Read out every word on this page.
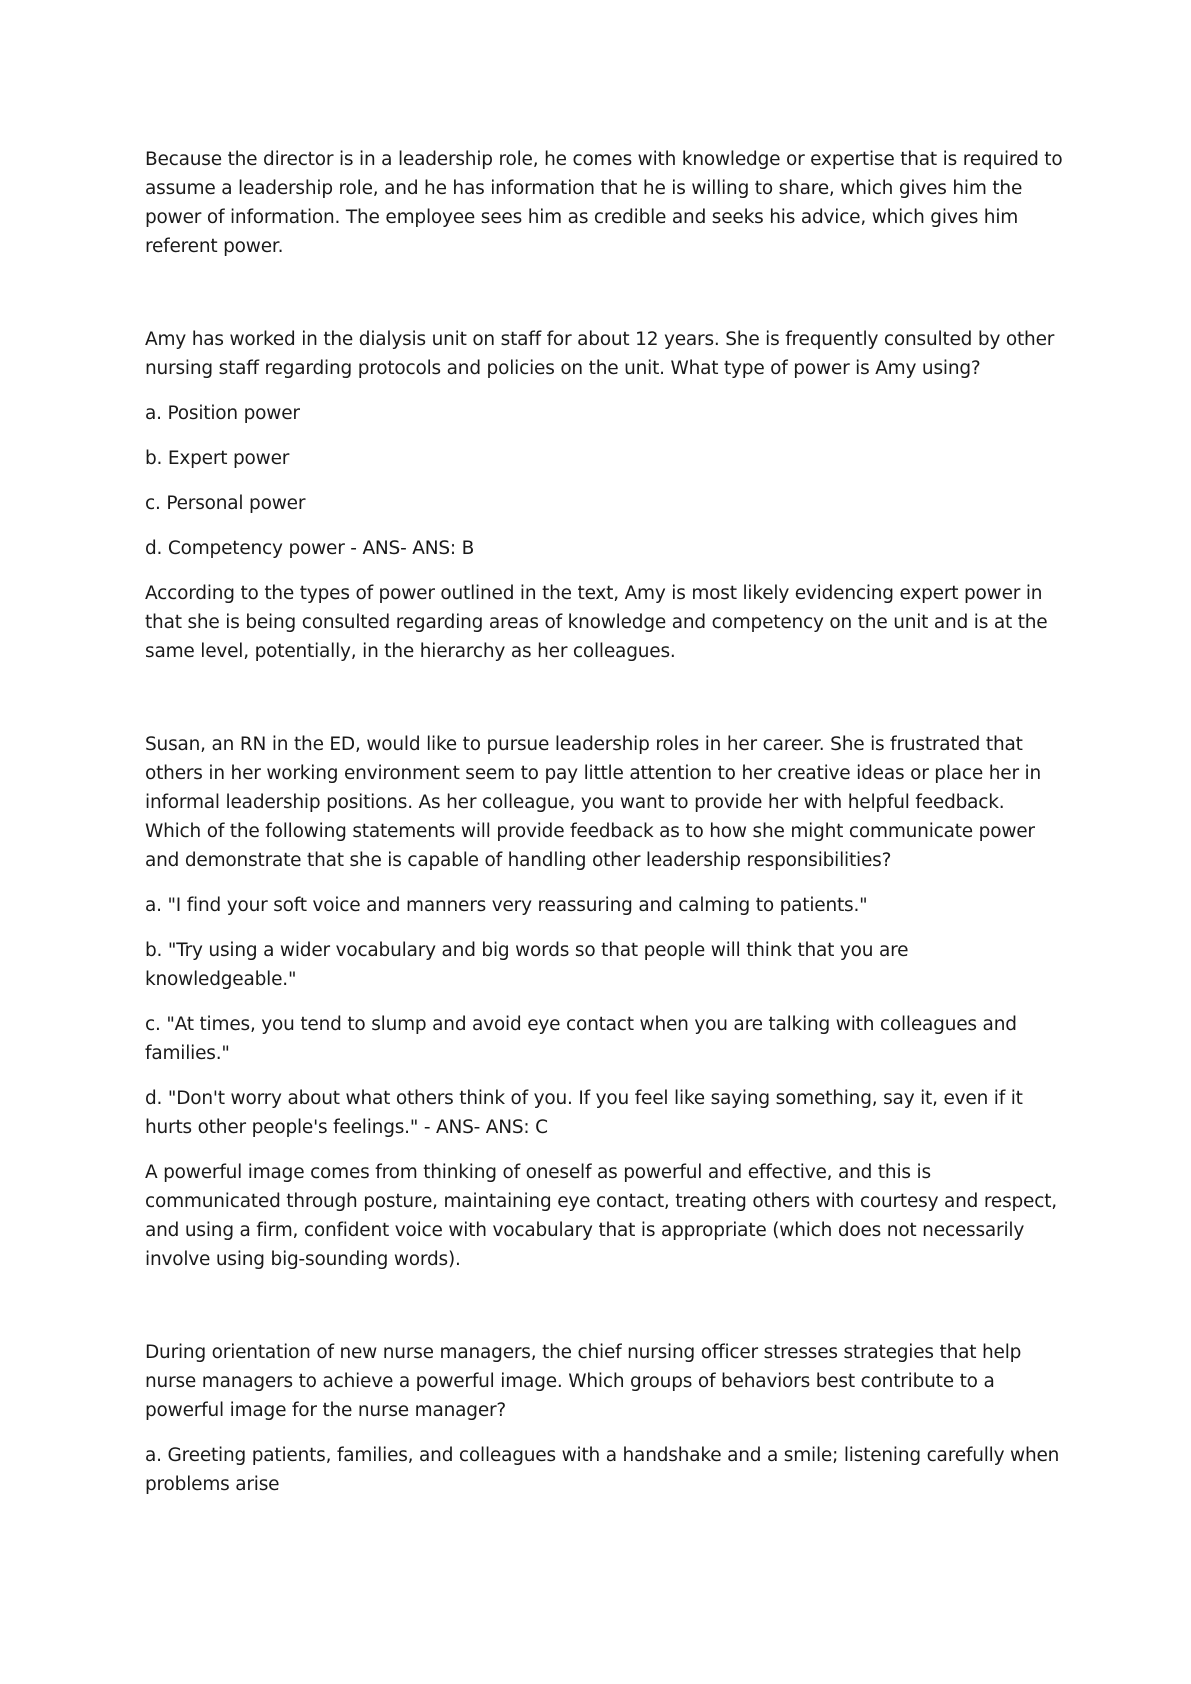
Because the director is in a leadership role, he comes with knowledge or expertise that is required to assume a leadership role, and he has information that he is willing to share, which gives him the power of information. The employee sees him as credible and seeks his advice, which gives him referent power.

Amy has worked in the dialysis unit on staff for about 12 years. She is frequently consulted by other nursing staff regarding protocols and policies on the unit. What type of power is Amy using?

a. Position power

b. Expert power

c. Personal power

d. Competency power - ANS- ANS: B

According to the types of power outlined in the text, Amy is most likely evidencing expert power in that she is being consulted regarding areas of knowledge and competency on the unit and is at the same level, potentially, in the hierarchy as her colleagues.

Susan, an RN in the ED, would like to pursue leadership roles in her career. She is frustrated that others in her working environment seem to pay little attention to her creative ideas or place her in informal leadership positions. As her colleague, you want to provide her with helpful feedback. Which of the following statements will provide feedback as to how she might communicate power and demonstrate that she is capable of handling other leadership responsibilities?

a. "I find your soft voice and manners very reassuring and calming to patients."

b. "Try using a wider vocabulary and big words so that people will think that you are knowledgeable."

c. "At times, you tend to slump and avoid eye contact when you are talking with colleagues and families."

d. "Don't worry about what others think of you. If you feel like saying something, say it, even if it hurts other people's feelings." - ANS- ANS: C

A powerful image comes from thinking of oneself as powerful and effective, and this is communicated through posture, maintaining eye contact, treating others with courtesy and respect, and using a firm, confident voice with vocabulary that is appropriate (which does not necessarily involve using big-sounding words).

During orientation of new nurse managers, the chief nursing officer stresses strategies that help nurse managers to achieve a powerful image. Which groups of behaviors best contribute to a powerful image for the nurse manager?

a. Greeting patients, families, and colleagues with a handshake and a smile; listening carefully when problems arise
